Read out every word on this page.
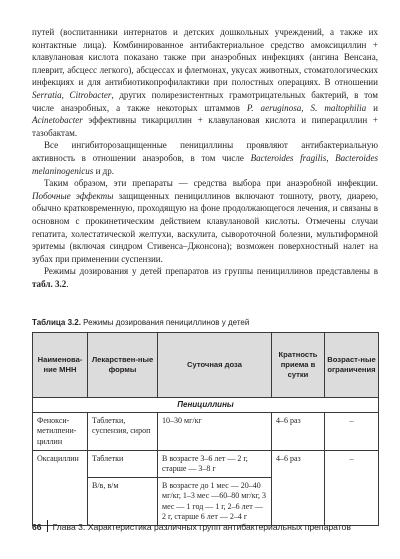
путей (воспитанники интернатов и детских дошкольных учреждений, а также их контактные лица). Комбинированное антибактериальное средство амоксициллин + клавулановая кислота показано также при анаэробных инфекциях (ангина Венсана, плеврит, абсцесс легкого), абсцессах и флегмонах, укусах животных, стоматологических инфекциях и для антибиотикопрофилактики при полостных операциях. В отношении Serratia, Citrobacter, других полирезистентных грамотрицательных бактерий, в том числе анаэробных, а также некоторых штаммов P. aeruginosa, S. maltophilia и Acinetobacter эффективны тикарциллин + клавулановая кислота и пиперациллин + тазобактам.

Все ингибиторозащищенные пенициллины проявляют антибактериальную активность в отношении анаэробов, в том числе Bacteroides fragilis, Bacteroides melaninogenicus и др.

Таким образом, эти препараты — средства выбора при анаэробной инфекции. Побочные эффекты защищенных пенициллинов включают тошноту, рвоту, диарею, обычно кратковременную, проходящую на фоне продолжающегося лечения, и связаны в основном с прокинетическим действием клавулановой кислоты. Отмечены случаи гепатита, холестатической желтухи, васкулита, сывороточной болезни, мультиформной эритемы (включая синдром Стивенса–Джонсона); возможен поверхностный налет на зубах при применении суспензии.

Режимы дозирования у детей препаратов из группы пенициллинов представлены в табл. 3.2.

Таблица 3.2. Режимы дозирования пенициллинов у детей
Наименова-ние МНН	Лекарствен-ные формы	Суточная доза	Кратность приема в сутки	Возраст-ные ограничения
Пенициллины				
Фенокси-метилпени-циллин	Таблетки, суспензия, сироп	10–30 мг/кг	4–6 раз	–
Оксациллин	Таблетки	В возрасте 3–6 лет — 2 г, старше — 3–8 г	4–6 раз	–
	В/в, в/м	В возрасте до 1 мес — 20–40 мг/кг, 1–3 мес —60–80 мг/кг, 3 мес — 1 год — 1 г, 2–6 лет — 2 г, старше 6 лет — 2–4 г		
66 Глава 3. Характеристика различных групп антибактериальных препаратов
